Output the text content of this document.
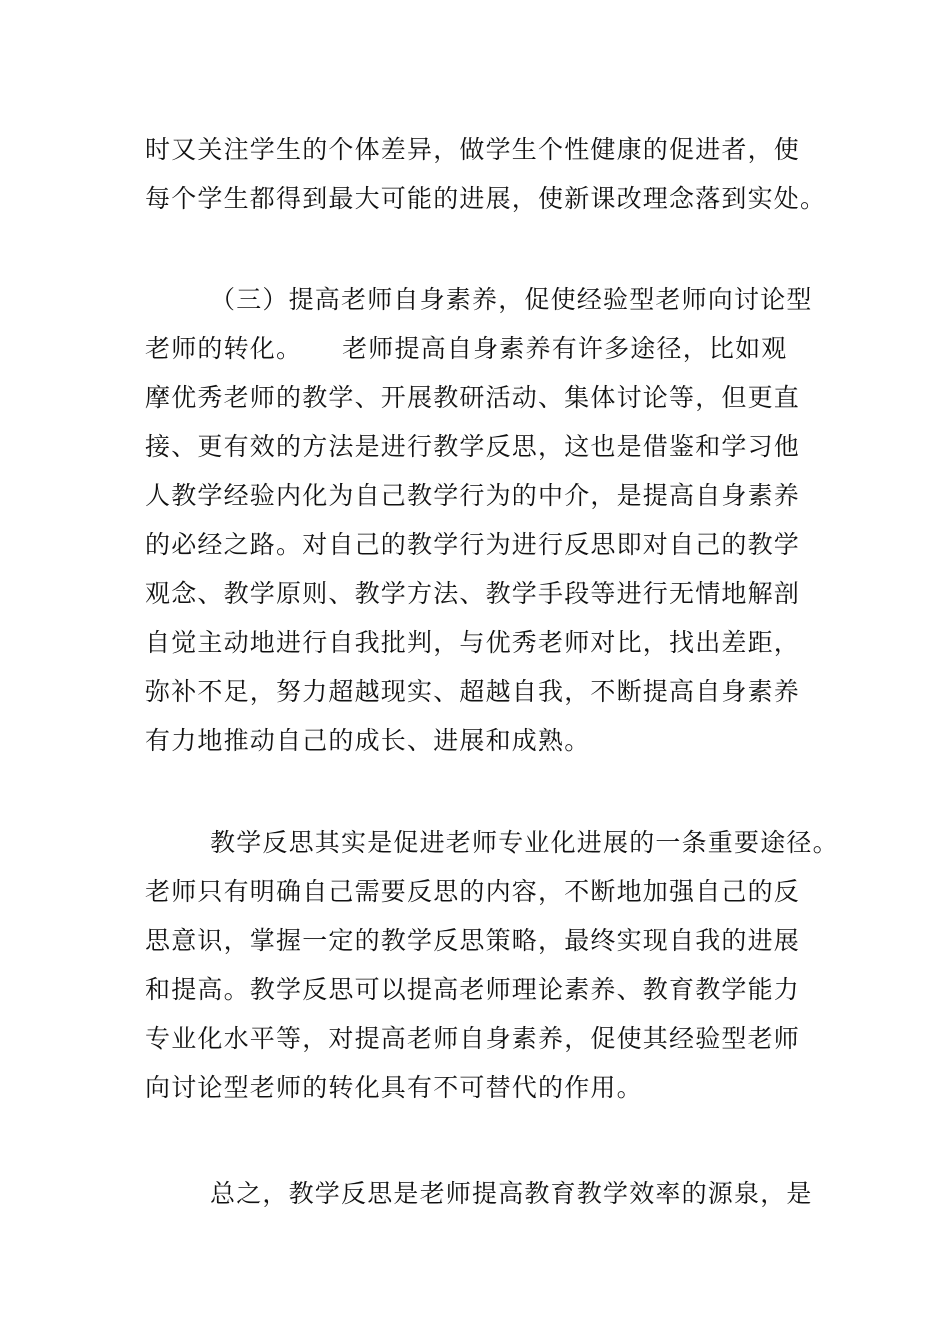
时又关注学生的个体差异，做学生个性健康的促进者，使
每个学生都得到最大可能的进展，使新课改理念落到实处。
（三）提高老师自身素养，促使经验型老师向讨论型
老师的转化。　　老师提高自身素养有许多途径，比如观
摩优秀老师的教学、开展教研活动、集体讨论等，但更直
接、更有效的方法是进行教学反思，这也是借鉴和学习他
人教学经验内化为自己教学行为的中介，是提高自身素养
的必经之路。对自己的教学行为进行反思即对自己的教学
观念、教学原则、教学方法、教学手段等进行无情地解剖
自觉主动地进行自我批判，与优秀老师对比，找出差距，
弥补不足，努力超越现实、超越自我，不断提高自身素养
有力地推动自己的成长、进展和成熟。
教学反思其实是促进老师专业化进展的一条重要途径。
老师只有明确自己需要反思的内容，不断地加强自己的反
思意识，掌握一定的教学反思策略，最终实现自我的进展
和提高。教学反思可以提高老师理论素养、教育教学能力
专业化水平等，对提高老师自身素养，促使其经验型老师
向讨论型老师的转化具有不可替代的作用。
总之，教学反思是老师提高教育教学效率的源泉，是
